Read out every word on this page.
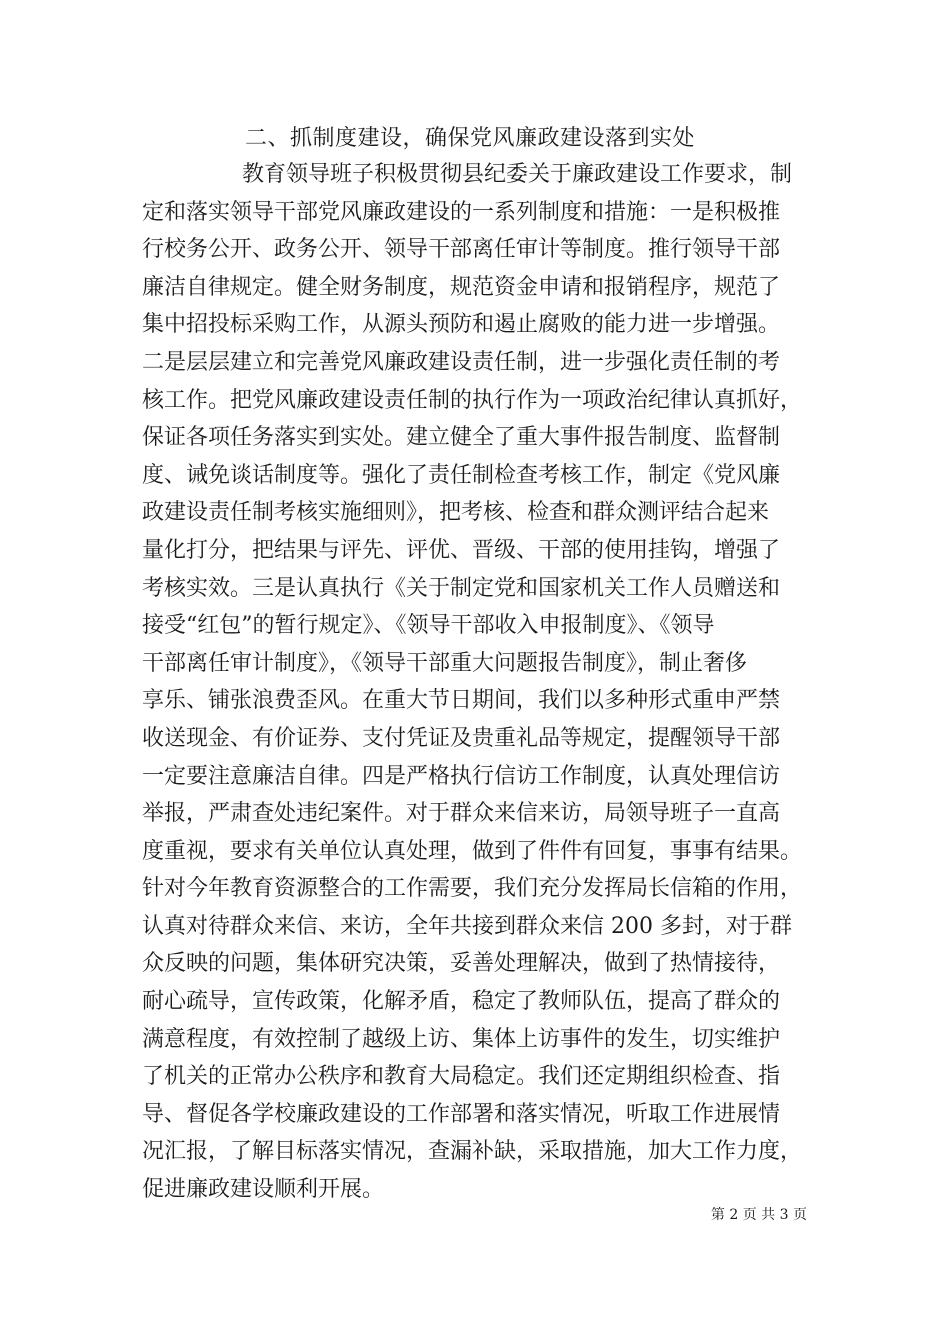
二、抓制度建设，确保党风廉政建设落到实处
教育领导班子积极贯彻县纪委关于廉政建设工作要求，制
定和落实领导干部党风廉政建设的一系列制度和措施：一是积极推
行校务公开、政务公开、领导干部离任审计等制度。推行领导干部
廉洁自律规定。健全财务制度，规范资金申请和报销程序，规范了
集中招投标采购工作，从源头预防和遏止腐败的能力进一步增强。
二是层层建立和完善党风廉政建设责任制，进一步强化责任制的考
核工作。把党风廉政建设责任制的执行作为一项政治纪律认真抓好，
保证各项任务落实到实处。建立健全了重大事件报告制度、监督制
度、诫免谈话制度等。强化了责任制检查考核工作，制定《党风廉
政建设责任制考核实施细则》，把考核、检查和群众测评结合起来
量化打分，把结果与评先、评优、晋级、干部的使用挂钩，增强了
考核实效。三是认真执行《关于制定党和国家机关工作人员赠送和
接受“红包”的暂行规定》、《领导干部收入申报制度》、《领导
干部离任审计制度》，《领导干部重大问题报告制度》，制止奢侈
享乐、铺张浪费歪风。在重大节日期间，我们以多种形式重申严禁
收送现金、有价证券、支付凭证及贵重礼品等规定，提醒领导干部
一定要注意廉洁自律。四是严格执行信访工作制度，认真处理信访
举报，严肃查处违纪案件。对于群众来信来访，局领导班子一直高
度重视，要求有关单位认真处理，做到了件件有回复，事事有结果。
针对今年教育资源整合的工作需要，我们充分发挥局长信箱的作用，
认真对待群众来信、来访，全年共接到群众来信 200 多封，对于群
众反映的问题，集体研究决策，妥善处理解决，做到了热情接待，
耐心疏导，宣传政策，化解矛盾，稳定了教师队伍，提高了群众的
满意程度，有效控制了越级上访、集体上访事件的发生，切实维护
了机关的正常办公秩序和教育大局稳定。我们还定期组织检查、指
导、督促各学校廉政建设的工作部署和落实情况，听取工作进展情
况汇报，了解目标落实情况，查漏补缺，采取措施，加大工作力度，
促进廉政建设顺利开展。
第 2 页 共 3 页
